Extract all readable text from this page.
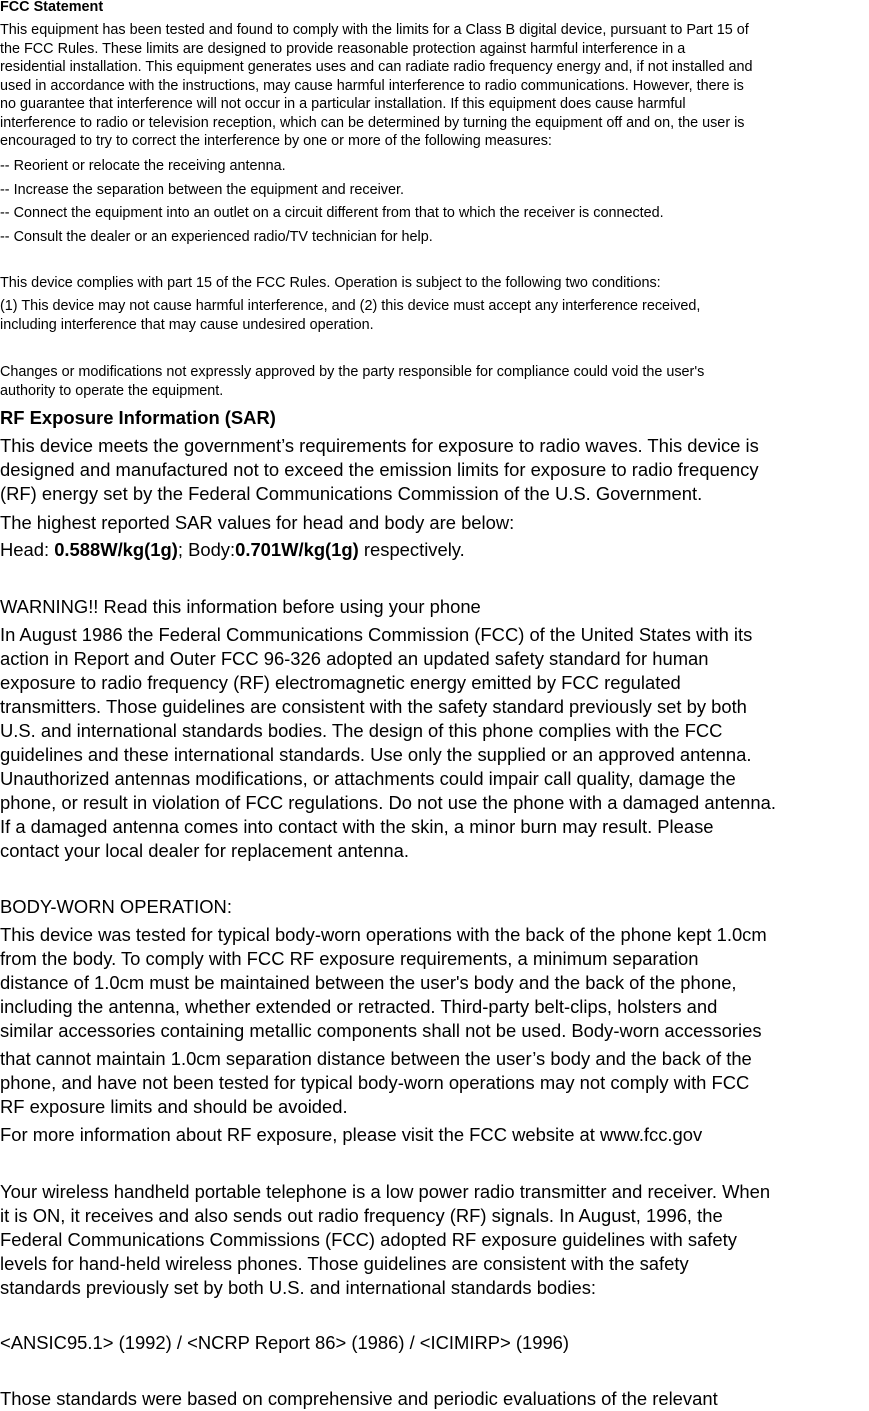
FCC Statement
This equipment has been tested and found to comply with the limits for a Class B digital device, pursuant to Part 15 of
the FCC Rules. These limits are designed to provide reasonable protection against harmful interference in a
residential installation. This equipment generates uses and can radiate radio frequency energy and, if not installed and
used in accordance with the instructions, may cause harmful interference to radio communications. However, there is
no guarantee that interference will not occur in a particular installation. If this equipment does cause harmful
interference to radio or television reception, which can be determined by turning the equipment off and on, the user is
encouraged to try to correct the interference by one or more of the following measures:
-- Reorient or relocate the receiving antenna.
-- Increase the separation between the equipment and receiver.
-- Connect the equipment into an outlet on a circuit different from that to which the receiver is connected.
-- Consult the dealer or an experienced radio/TV technician for help.
This device complies with part 15 of the FCC Rules. Operation is subject to the following two conditions:
(1) This device may not cause harmful interference, and (2) this device must accept any interference received,
including interference that may cause undesired operation.
Changes or modifications not expressly approved by the party responsible for compliance could void the user's
authority to operate the equipment.
RF Exposure Information (SAR)
This device meets the government’s requirements for exposure to radio waves. This device is
designed and manufactured not to exceed the emission limits for exposure to radio frequency
(RF) energy set by the Federal Communications Commission of the U.S. Government.
The highest reported SAR values for head and body are below:
Head: 0.588W/kg(1g); Body:0.701W/kg(1g) respectively.
WARNING!! Read this information before using your phone
In August 1986 the Federal Communications Commission (FCC) of the United States with its
action in Report and Outer FCC 96-326 adopted an updated safety standard for human
exposure to radio frequency (RF) electromagnetic energy emitted by FCC regulated
transmitters. Those guidelines are consistent with the safety standard previously set by both
U.S. and international standards bodies. The design of this phone complies with the FCC
guidelines and these international standards. Use only the supplied or an approved antenna.
Unauthorized antennas modifications, or attachments could impair call quality, damage the
phone, or result in violation of FCC regulations. Do not use the phone with a damaged antenna.
If a damaged antenna comes into contact with the skin, a minor burn may result. Please
contact your local dealer for replacement antenna.
BODY-WORN OPERATION:
This device was tested for typical body-worn operations with the back of the phone kept 1.0cm
from the body. To comply with FCC RF exposure requirements, a minimum separation
distance of 1.0cm must be maintained between the user's body and the back of the phone,
including the antenna, whether extended or retracted. Third-party belt-clips, holsters and
similar accessories containing metallic components shall not be used. Body-worn accessories
that cannot maintain 1.0cm separation distance between the user’s body and the back of the
phone, and have not been tested for typical body-worn operations may not comply with FCC
RF exposure limits and should be avoided.
For more information about RF exposure, please visit the FCC website at www.fcc.gov
Your wireless handheld portable telephone is a low power radio transmitter and receiver. When
it is ON, it receives and also sends out radio frequency (RF) signals. In August, 1996, the
Federal Communications Commissions (FCC) adopted RF exposure guidelines with safety
levels for hand-held wireless phones. Those guidelines are consistent with the safety
standards previously set by both U.S. and international standards bodies:
<ANSIC95.1> (1992) / <NCRP Report 86> (1986) / <ICIMIRP> (1996)
Those standards were based on comprehensive and periodic evaluations of the relevant
